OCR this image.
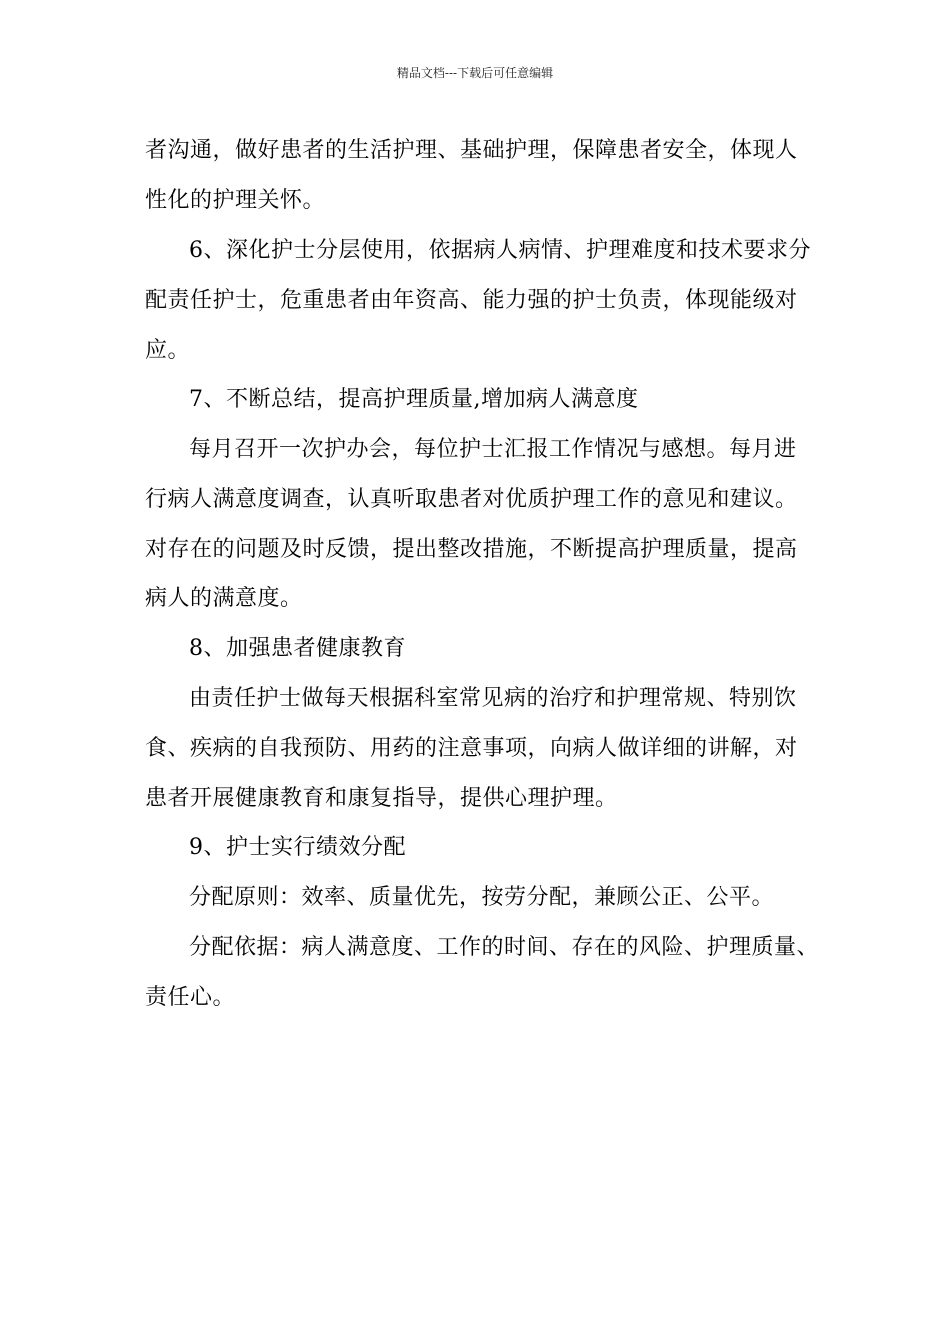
精品文档---下载后可任意编辑
者沟通，做好患者的生活护理、基础护理，保障患者安全，体现人
性化的护理关怀。
6、深化护士分层使用，依据病人病情、护理难度和技术要求分
配责任护士，危重患者由年资高、能力强的护士负责，体现能级对
应。
7、不断总结，提高护理质量,增加病人满意度
每月召开一次护办会，每位护士汇报工作情况与感想。每月进
行病人满意度调查，认真听取患者对优质护理工作的意见和建议。
对存在的问题及时反馈，提出整改措施，不断提高护理质量，提高
病人的满意度。
8、加强患者健康教育
由责任护士做每天根据科室常见病的治疗和护理常规、特别饮
食、疾病的自我预防、用药的注意事项，向病人做详细的讲解，对
患者开展健康教育和康复指导，提供心理护理。
9、护士实行绩效分配
分配原则：效率、质量优先，按劳分配，兼顾公正、公平。
分配依据：病人满意度、工作的时间、存在的风险、护理质量、
责任心。
